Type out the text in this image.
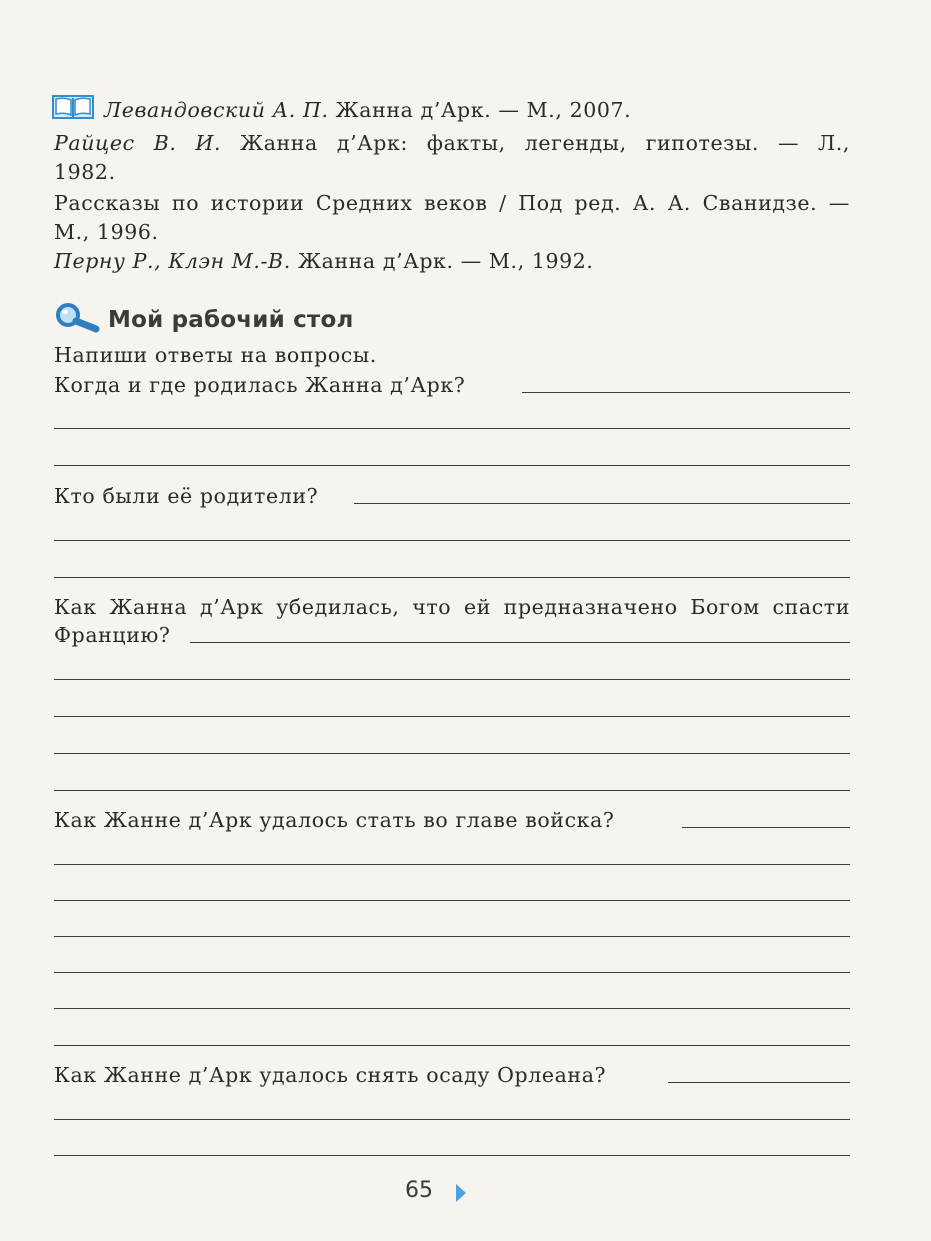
Левандовский А. П. Жанна д’Арк. — М., 2007.
Райцес В. И. Жанна д’Арк: факты, легенды, гипотезы. — Л.,
1982.
Рассказы по истории Средних веков / Под ред. А. А. Сванидзе. —
М., 1996.
Перну Р., Клэн М.-В. Жанна д’Арк. — М., 1992.
Мой рабочий стол
Напиши ответы на вопросы.
Когда и где родилась Жанна д’Арк?
Кто были её родители?
Как Жанна д’Арк убедилась, что ей предназначено Богом спасти
Францию?
Как Жанне д’Арк удалось стать во главе войска?
Как Жанне д’Арк удалось снять осаду Орлеана?
65
